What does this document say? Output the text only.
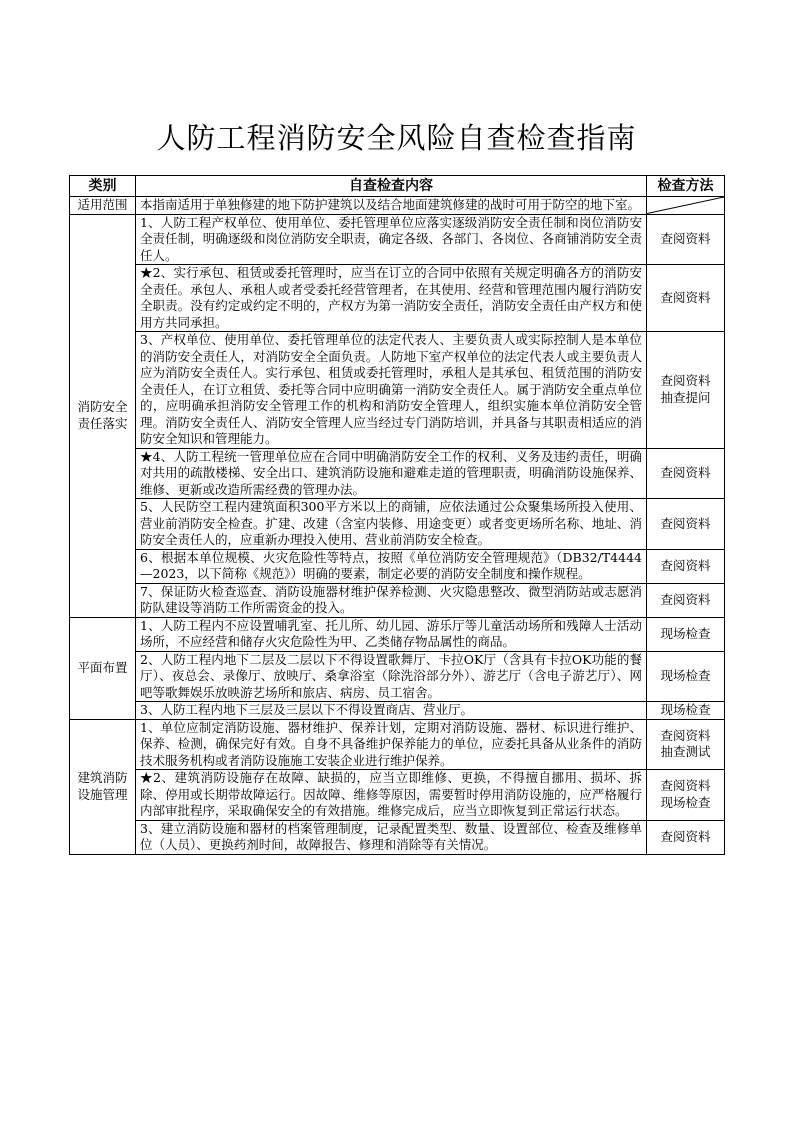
人防工程消防安全风险自查检查指南
类别	自查检查内容	检查方法
适用范围	本指南适用于单独修建的地下防护建筑以及结合地面建筑修建的战时可用于防空的地下室。	

消防安全责任落实	1、人防工程产权单位、使用单位、委托管理单位应落实逐级消防安全责任制和岗位消防安全责任制，明确逐级和岗位消防安全职责，确定各级、各部门、各岗位、各商铺消防安全责任人。	查阅资料
	★2、实行承包、租赁或委托管理时，应当在订立的合同中依照有关规定明确各方的消防安全责任。承包人、承租人或者受委托经营管理者，在其使用、经营和管理范围内履行消防安全职责。没有约定或约定不明的，产权方为第一消防安全责任，消防安全责任由产权方和使用方共同承担。	查阅资料
	3、产权单位、使用单位、委托管理单位的法定代表人、主要负责人或实际控制人是本单位的消防安全责任人，对消防安全全面负责。人防地下室产权单位的法定代表人或主要负责人应为消防安全责任人。实行承包、租赁或委托管理时，承租人是其承包、租赁范围的消防安全责任人，在订立租赁、委托等合同中应明确第一消防安全责任人。属于消防安全重点单位的，应明确承担消防安全管理工作的机构和消防安全管理人，组织实施本单位消防安全管理。消防安全责任人、消防安全管理人应当经过专门消防培训，并具备与其职责相适应的消防安全知识和管理能力。	查阅资料
抽查提问
	★4、人防工程统一管理单位应在合同中明确消防安全工作的权利、义务及违约责任，明确对共用的疏散楼梯、安全出口、建筑消防设施和避难走道的管理职责，明确消防设施保养、维修、更新或改造所需经费的管理办法。	查阅资料
	5、人民防空工程内建筑面积300平方米以上的商铺，应依法通过公众聚集场所投入使用、营业前消防安全检查。扩建、改建（含室内装修、用途变更）或者变更场所名称、地址、消防安全责任人的，应重新办理投入使用、营业前消防安全检查。	查阅资料
	6、根据本单位规模、火灾危险性等特点，按照《单位消防安全管理规范》（DB32/T4444—2023，以下简称《规范》）明确的要素，制定必要的消防安全制度和操作规程。	查阅资料
	7、保证防火检查巡查、消防设施器材维护保养检测、火灾隐患整改、微型消防站或志愿消防队建设等消防工作所需资金的投入。	查阅资料
平面布置	1、人防工程内不应设置哺乳室、托儿所、幼儿园、游乐厅等儿童活动场所和残障人士活动场所，不应经营和储存火灾危险性为甲、乙类储存物品属性的商品。	现场检查
	2、人防工程内地下二层及二层以下不得设置歌舞厅、卡拉OK厅（含具有卡拉OK功能的餐厅）、夜总会、录像厅、放映厅、桑拿浴室（除洗浴部分外）、游艺厅（含电子游艺厅）、网吧等歌舞娱乐放映游艺场所和旅店、病房、员工宿舍。	现场检查
	3、人防工程内地下三层及三层以下不得设置商店、营业厅。	现场检查
建筑消防设施管理	1、单位应制定消防设施、器材维护、保养计划，定期对消防设施、器材、标识进行维护、保养、检测，确保完好有效。自身不具备维护保养能力的单位，应委托具备从业条件的消防技术服务机构或者消防设施施工安装企业进行维护保养。	查阅资料
抽查测试
	★2、建筑消防设施存在故障、缺损的，应当立即维修、更换，不得擅自挪用、损坏、拆除、停用或长期带故障运行。因故障、维修等原因，需要暂时停用消防设施的，应严格履行内部审批程序，采取确保安全的有效措施。维修完成后，应当立即恢复到正常运行状态。	查阅资料
现场检查
	3、建立消防设施和器材的档案管理制度，记录配置类型、数量、设置部位、检查及维修单位（人员）、更换药剂时间，故障报告、修理和消除等有关情况。	查阅资料
